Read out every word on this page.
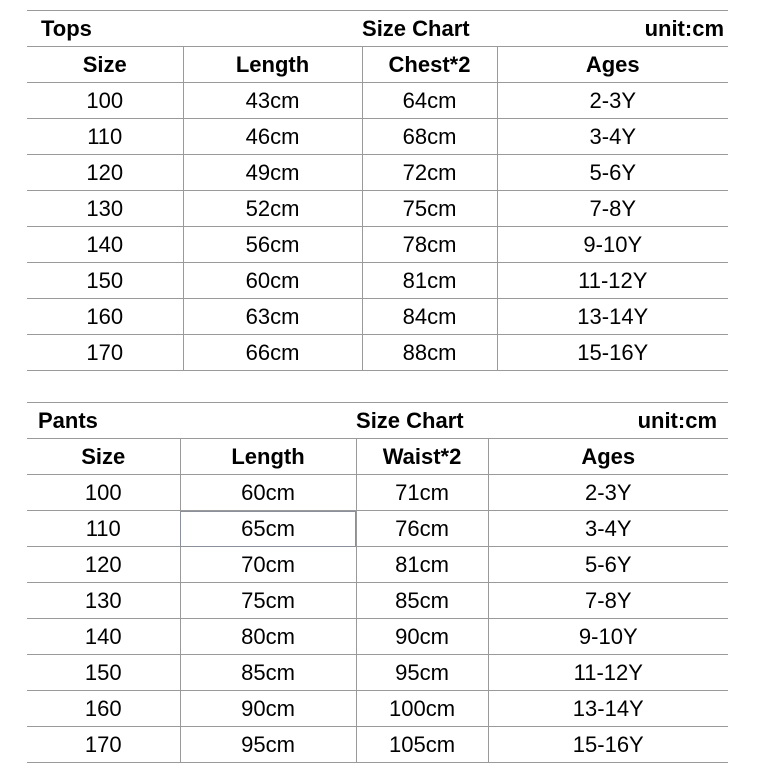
Tops		Size Chart	unit:cm
Size	Length	Chest*2	Ages
100	43cm	64cm	2-3Y
110	46cm	68cm	3-4Y
120	49cm	72cm	5-6Y
130	52cm	75cm	7-8Y
140	56cm	78cm	9-10Y
150	60cm	81cm	11-12Y
160	63cm	84cm	13-14Y
170	66cm	88cm	15-16Y
Pants		Size Chart	unit:cm
Size	Length	Waist*2	Ages
100	60cm	71cm	2-3Y
110	65cm	76cm	3-4Y
120	70cm	81cm	5-6Y
130	75cm	85cm	7-8Y
140	80cm	90cm	9-10Y
150	85cm	95cm	11-12Y
160	90cm	100cm	13-14Y
170	95cm	105cm	15-16Y
